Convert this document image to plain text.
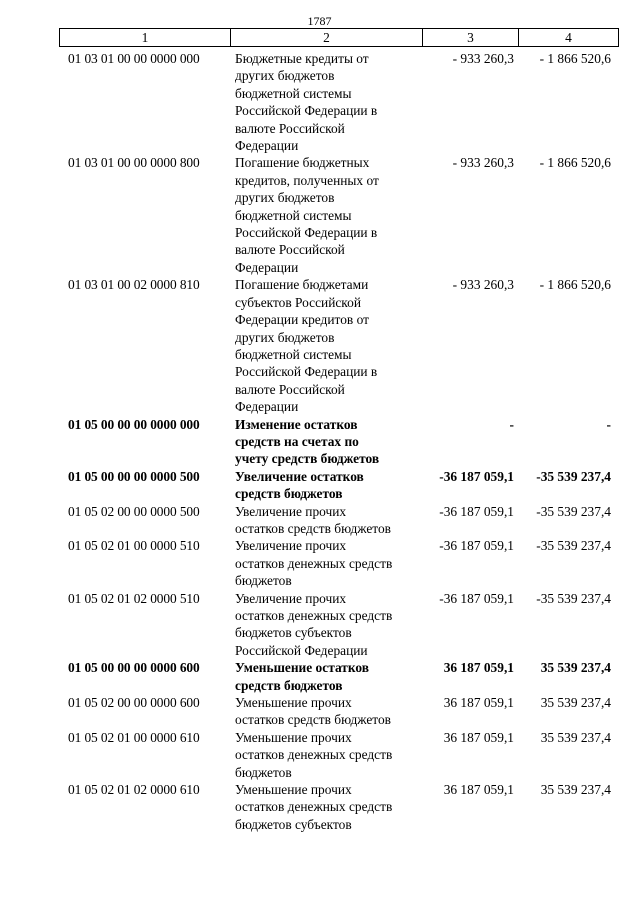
1787
1	2	3	4
01 03 01 00 00 0000 000	Бюджетные кредиты от
других бюджетов
бюджетной системы
Российской Федерации в
валюте Российской
Федерации
- 933 260,3	- 1 866 520,6
01 03 01 00 00 0000 800	Погашение бюджетных
кредитов, полученных от
других бюджетов
бюджетной системы
Российской Федерации в
валюте Российской
Федерации
- 933 260,3	- 1 866 520,6
01 03 01 00 02 0000 810	Погашение бюджетами
субъектов Российской
Федерации кредитов от
других бюджетов
бюджетной системы
Российской Федерации в
валюте Российской
Федерации
- 933 260,3	- 1 866 520,6
01 05 00 00 00 0000 000	Изменение остатков
средств на счетах по
учету средств бюджетов
-	-
01 05 00 00 00 0000 500	Увеличение остатков
средств бюджетов
-36 187 059,1	-35 539 237,4
01 05 02 00 00 0000 500	Увеличение прочих
остатков средств бюджетов
-36 187 059,1	-35 539 237,4
01 05 02 01 00 0000 510	Увеличение прочих
остатков денежных средств
бюджетов
-36 187 059,1	-35 539 237,4
01 05 02 01 02 0000 510	Увеличение прочих
остатков денежных средств
бюджетов субъектов
Российской Федерации
-36 187 059,1	-35 539 237,4
01 05 00 00 00 0000 600	Уменьшение остатков
средств бюджетов
36 187 059,1	35 539 237,4
01 05 02 00 00 0000 600	Уменьшение прочих
остатков средств бюджетов
36 187 059,1	35 539 237,4
01 05 02 01 00 0000 610	Уменьшение прочих
остатков денежных средств
бюджетов
36 187 059,1	35 539 237,4
01 05 02 01 02 0000 610	Уменьшение прочих
остатков денежных средств
бюджетов субъектов
36 187 059,1	35 539 237,4
